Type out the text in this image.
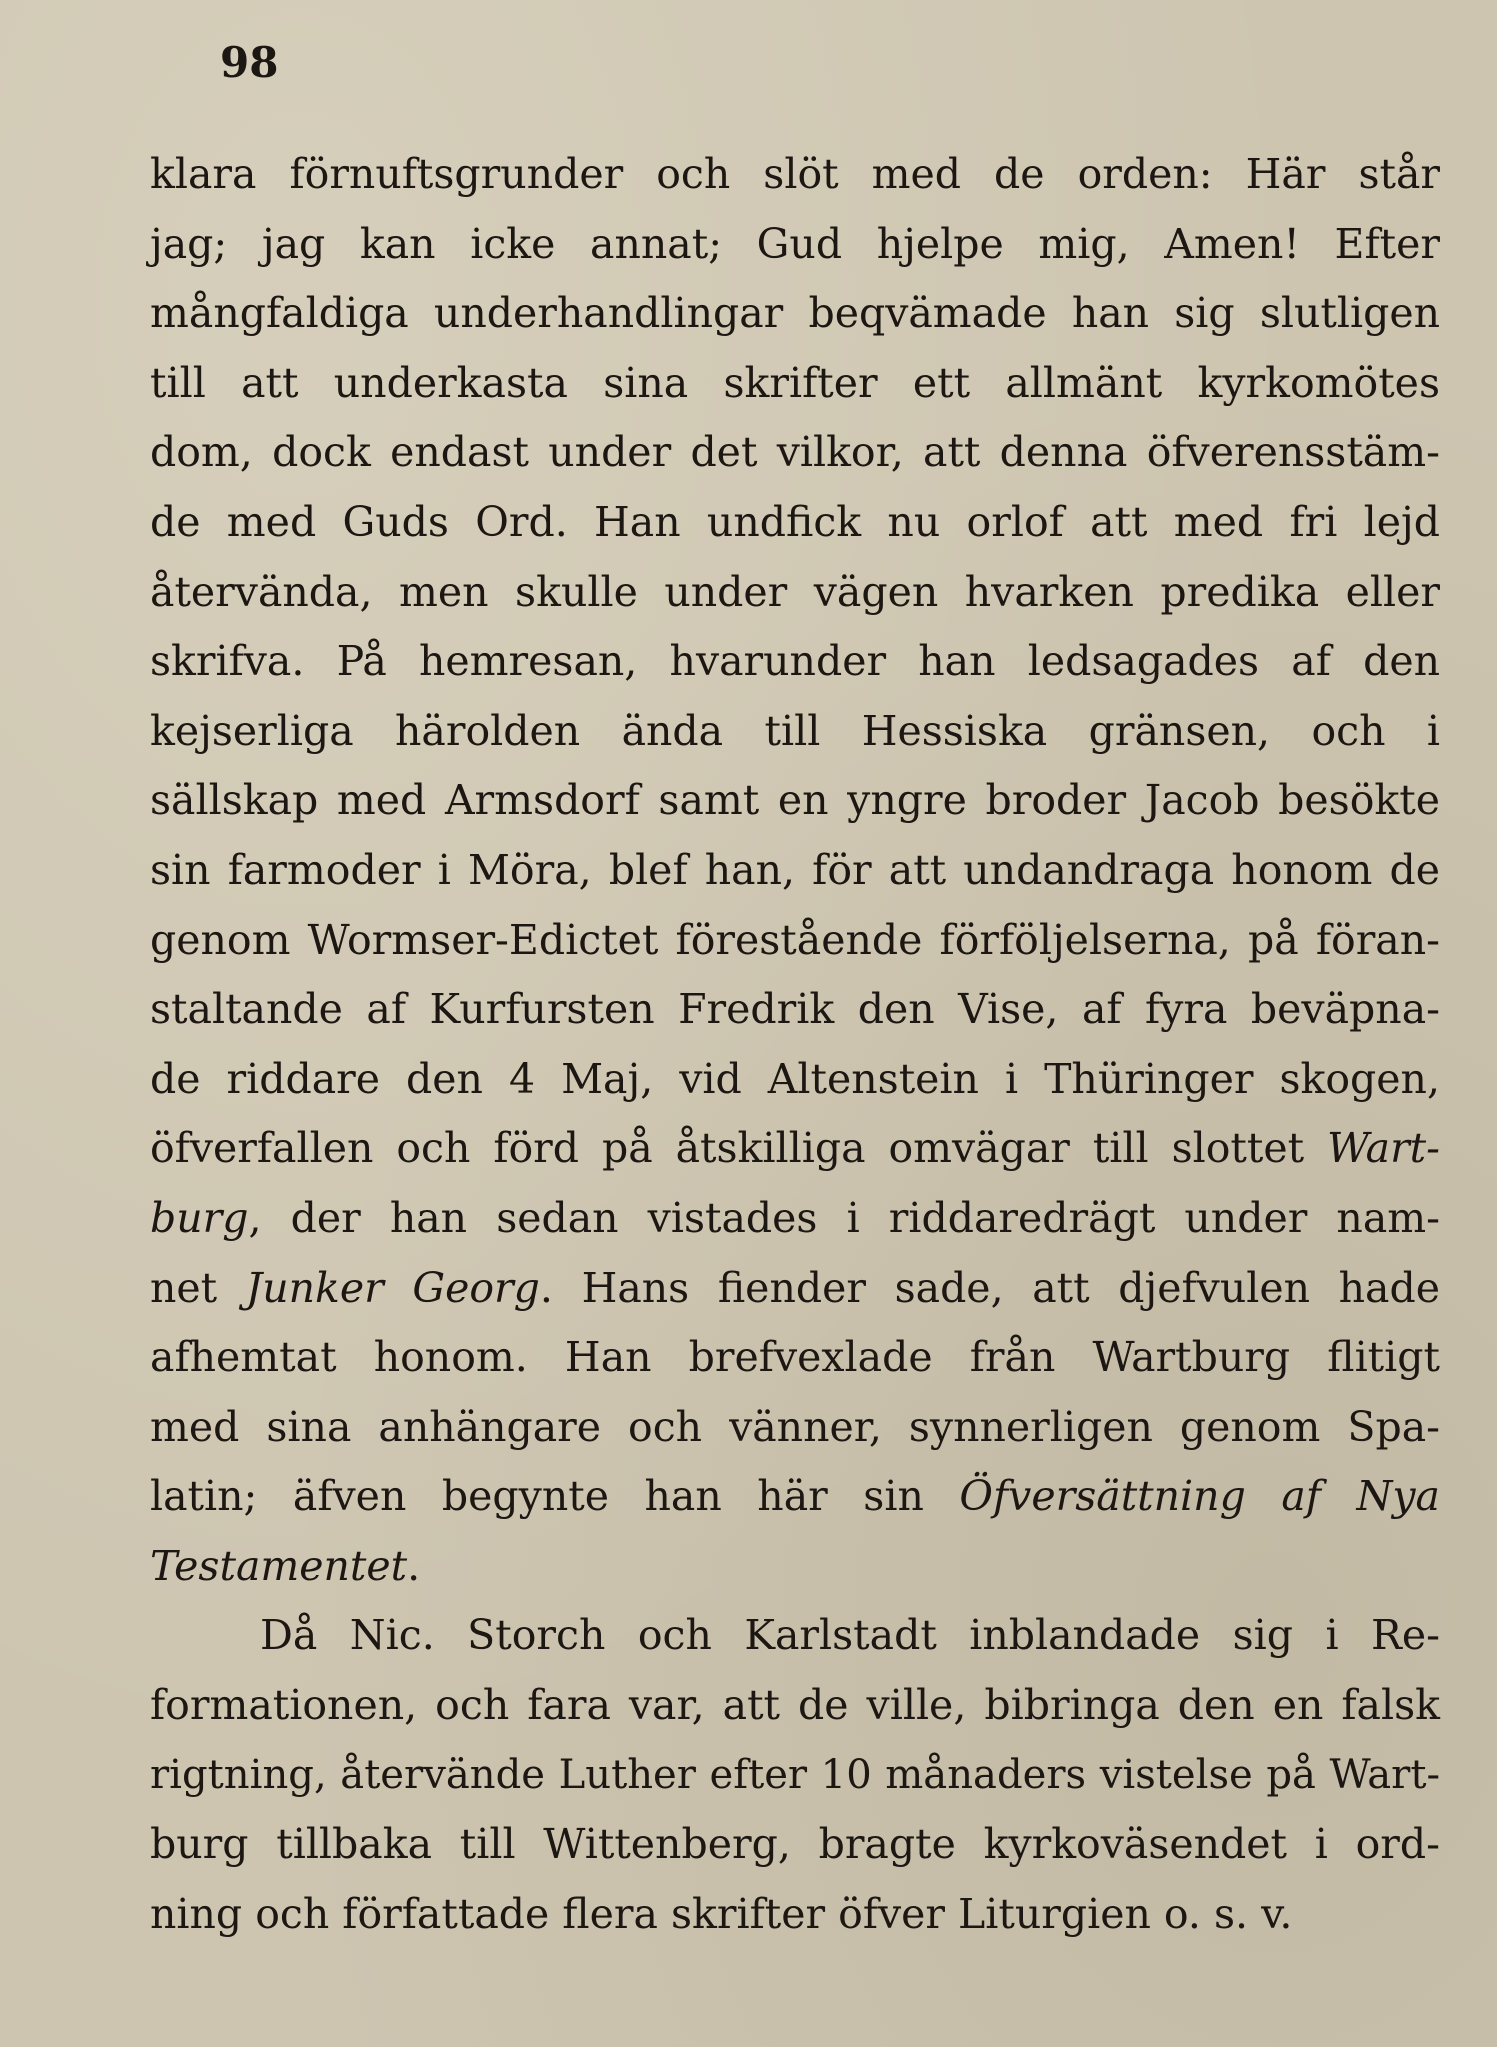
98

klara förnuftsgrunder och slöt med de orden: Här står
jag; jag kan icke annat; Gud hjelpe mig, Amen! Efter
mångfaldiga underhandlingar beqvämade han sig slutligen
till att underkasta sina skrifter ett allmänt kyrkomötes
dom, dock endast under det vilkor, att denna öfverensstäm-
de med Guds Ord. Han undfick nu orlof att med fri lejd
återvända, men skulle under vägen hvarken predika eller
skrifva. På hemresan, hvarunder han ledsagades af den
kejserliga härolden ända till Hessiska gränsen, och i
sällskap med Armsdorf samt en yngre broder Jacob besökte
sin farmoder i Möra, blef han, för att undandraga honom de
genom Wormser-Edictet förestående förföljelserna, på föran-
staltande af Kurfursten Fredrik den Vise, af fyra beväpna-
de riddare den 4 Maj, vid Altenstein i Thüringer skogen,
öfverfallen och förd på åtskilliga omvägar till slottet Wart-
burg, der han sedan vistades i riddaredrägt under nam-
net Junker Georg. Hans fiender sade, att djefvulen hade
afhemtat honom. Han brefvexlade från Wartburg flitigt
med sina anhängare och vänner, synnerligen genom Spa-
latin; äfven begynte han här sin Öfversättning af Nya
Testamentet.
Då Nic. Storch och Karlstadt inblandade sig i Re-
formationen, och fara var, att de ville, bibringa den en falsk
rigtning, återvände Luther efter 10 månaders vistelse på Wart-
burg tillbaka till Wittenberg, bragte kyrkoväsendet i ord-
ning och författade flera skrifter öfver Liturgien o. s. v.
